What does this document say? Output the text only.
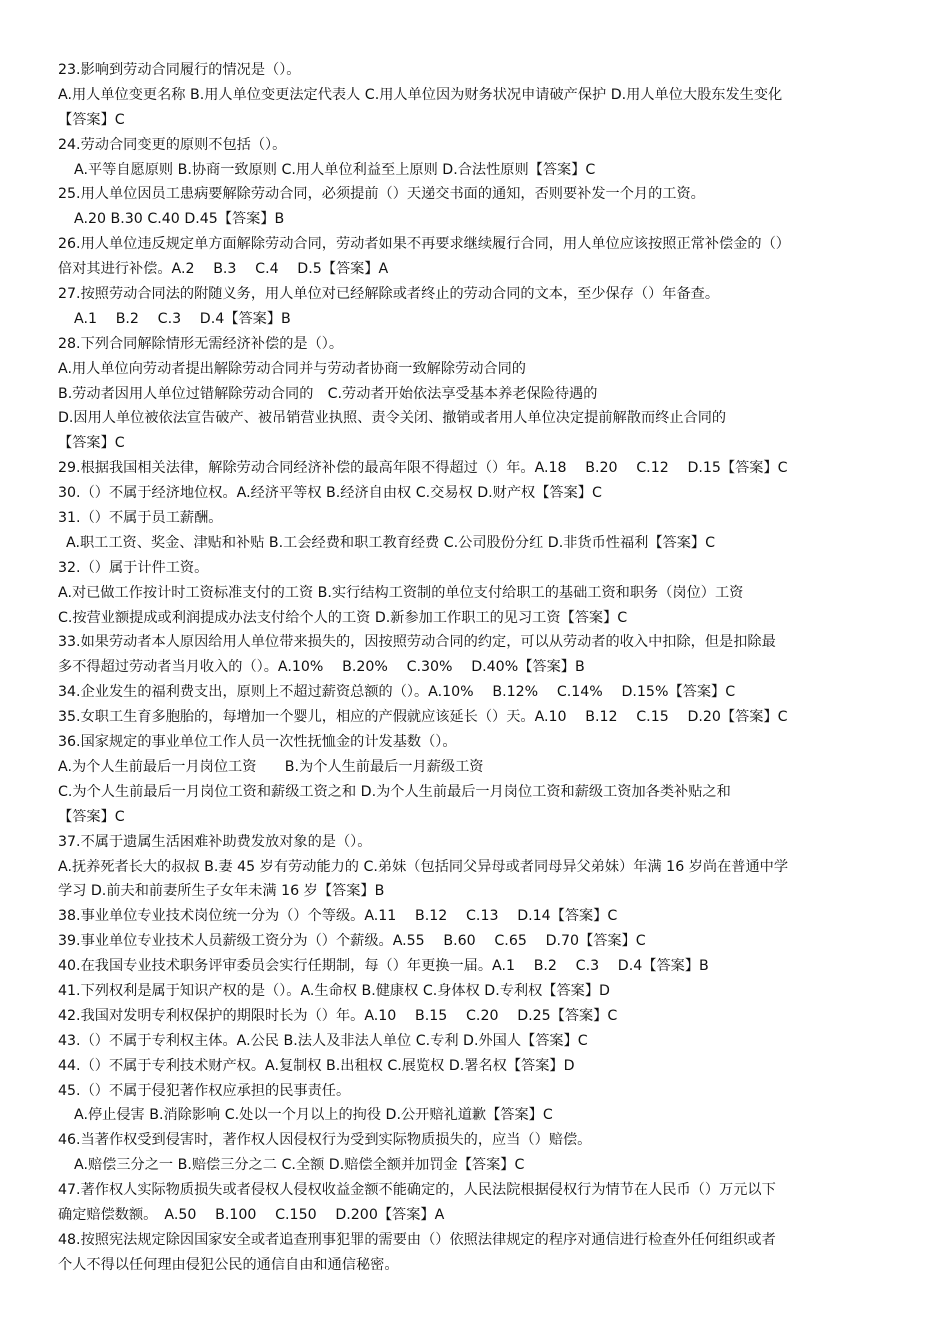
23.影响到劳动合同履行的情况是（）。
A.用人单位变更名称 B.用人单位变更法定代表人 C.用人单位因为财务状况申请破产保护 D.用人单位大股东发生变化
【答案】C
24.劳动合同变更的原则不包括（）。
A.平等自愿原则 B.协商一致原则 C.用人单位利益至上原则 D.合法性原则【答案】C
25.用人单位因员工患病要解除劳动合同，必须提前（）天递交书面的通知，否则要补发一个月的工资。
A.20 B.30 C.40 D.45【答案】B
26.用人单位违反规定单方面解除劳动合同，劳动者如果不再要求继续履行合同，用人单位应该按照正常补偿金的（）
倍对其进行补偿。A.2　 B.3　 C.4　 D.5【答案】A
27.按照劳动合同法的附随义务，用人单位对已经解除或者终止的劳动合同的文本，至少保存（）年备查。
A.1　 B.2　 C.3　 D.4【答案】B
28.下列合同解除情形无需经济补偿的是（）。
A.用人单位向劳动者提出解除劳动合同并与劳动者协商一致解除劳动合同的
B.劳动者因用人单位过错解除劳动合同的　C.劳动者开始依法享受基本养老保险待遇的
D.因用人单位被依法宣告破产、被吊销营业执照、责令关闭、撤销或者用人单位决定提前解散而终止合同的
【答案】C
29.根据我国相关法律，解除劳动合同经济补偿的最高年限不得超过（）年。A.18　 B.20　 C.12　 D.15【答案】C
30.（）不属于经济地位权。A.经济平等权 B.经济自由权 C.交易权 D.财产权【答案】C
31.（）不属于员工薪酬。
A.职工工资、奖金、津贴和补贴 B.工会经费和职工教育经费 C.公司股份分红 D.非货币性福利【答案】C
32.（）属于计件工资。
A.对已做工作按计时工资标准支付的工资 B.实行结构工资制的单位支付给职工的基础工资和职务（岗位）工资
C.按营业额提成或利润提成办法支付给个人的工资 D.新参加工作职工的见习工资【答案】C
33.如果劳动者本人原因给用人单位带来损失的，因按照劳动合同的约定，可以从劳动者的收入中扣除，但是扣除最
多不得超过劳动者当月收入的（）。A.10%　 B.20%　 C.30%　 D.40%【答案】B
34.企业发生的福利费支出，原则上不超过薪资总额的（）。A.10%　 B.12%　 C.14%　 D.15%【答案】C
35.女职工生育多胞胎的，每增加一个婴儿，相应的产假就应该延长（）天。A.10　 B.12　 C.15　 D.20【答案】C
36.国家规定的事业单位工作人员一次性抚恤金的计发基数（）。
A.为个人生前最后一月岗位工资　　B.为个人生前最后一月薪级工资
C.为个人生前最后一月岗位工资和薪级工资之和 D.为个人生前最后一月岗位工资和薪级工资加各类补贴之和
【答案】C
37.不属于遗属生活困难补助费发放对象的是（）。
A.抚养死者长大的叔叔 B.妻 45 岁有劳动能力的 C.弟妹（包括同父异母或者同母异父弟妹）年满 16 岁尚在普通中学
学习 D.前夫和前妻所生子女年未满 16 岁【答案】B
38.事业单位专业技术岗位统一分为（）个等级。A.11　 B.12　 C.13　 D.14【答案】C
39.事业单位专业技术人员薪级工资分为（）个薪级。A.55　 B.60　 C.65　 D.70【答案】C
40.在我国专业技术职务评审委员会实行任期制，每（）年更换一届。A.1　 B.2　 C.3　 D.4【答案】B
41.下列权利是属于知识产权的是（）。A.生命权 B.健康权 C.身体权 D.专利权【答案】D
42.我国对发明专利权保护的期限时长为（）年。A.10　 B.15　 C.20　 D.25【答案】C
43.（）不属于专利权主体。A.公民 B.法人及非法人单位 C.专利 D.外国人【答案】C
44.（）不属于专利技术财产权。A.复制权 B.出租权 C.展览权 D.署名权【答案】D
45.（）不属于侵犯著作权应承担的民事责任。
A.停止侵害 B.消除影响 C.处以一个月以上的拘役 D.公开赔礼道歉【答案】C
46.当著作权受到侵害时，著作权人因侵权行为受到实际物质损失的，应当（）赔偿。
A.赔偿三分之一 B.赔偿三分之二 C.全额 D.赔偿全额并加罚金【答案】C
47.著作权人实际物质损失或者侵权人侵权收益金额不能确定的，人民法院根据侵权行为情节在人民币（）万元以下
确定赔偿数额。　A.50　 B.100　 C.150　 D.200【答案】A
48.按照宪法规定除因国家安全或者追查刑事犯罪的需要由（）依照法律规定的程序对通信进行检查外任何组织或者
个人不得以任何理由侵犯公民的通信自由和通信秘密。
